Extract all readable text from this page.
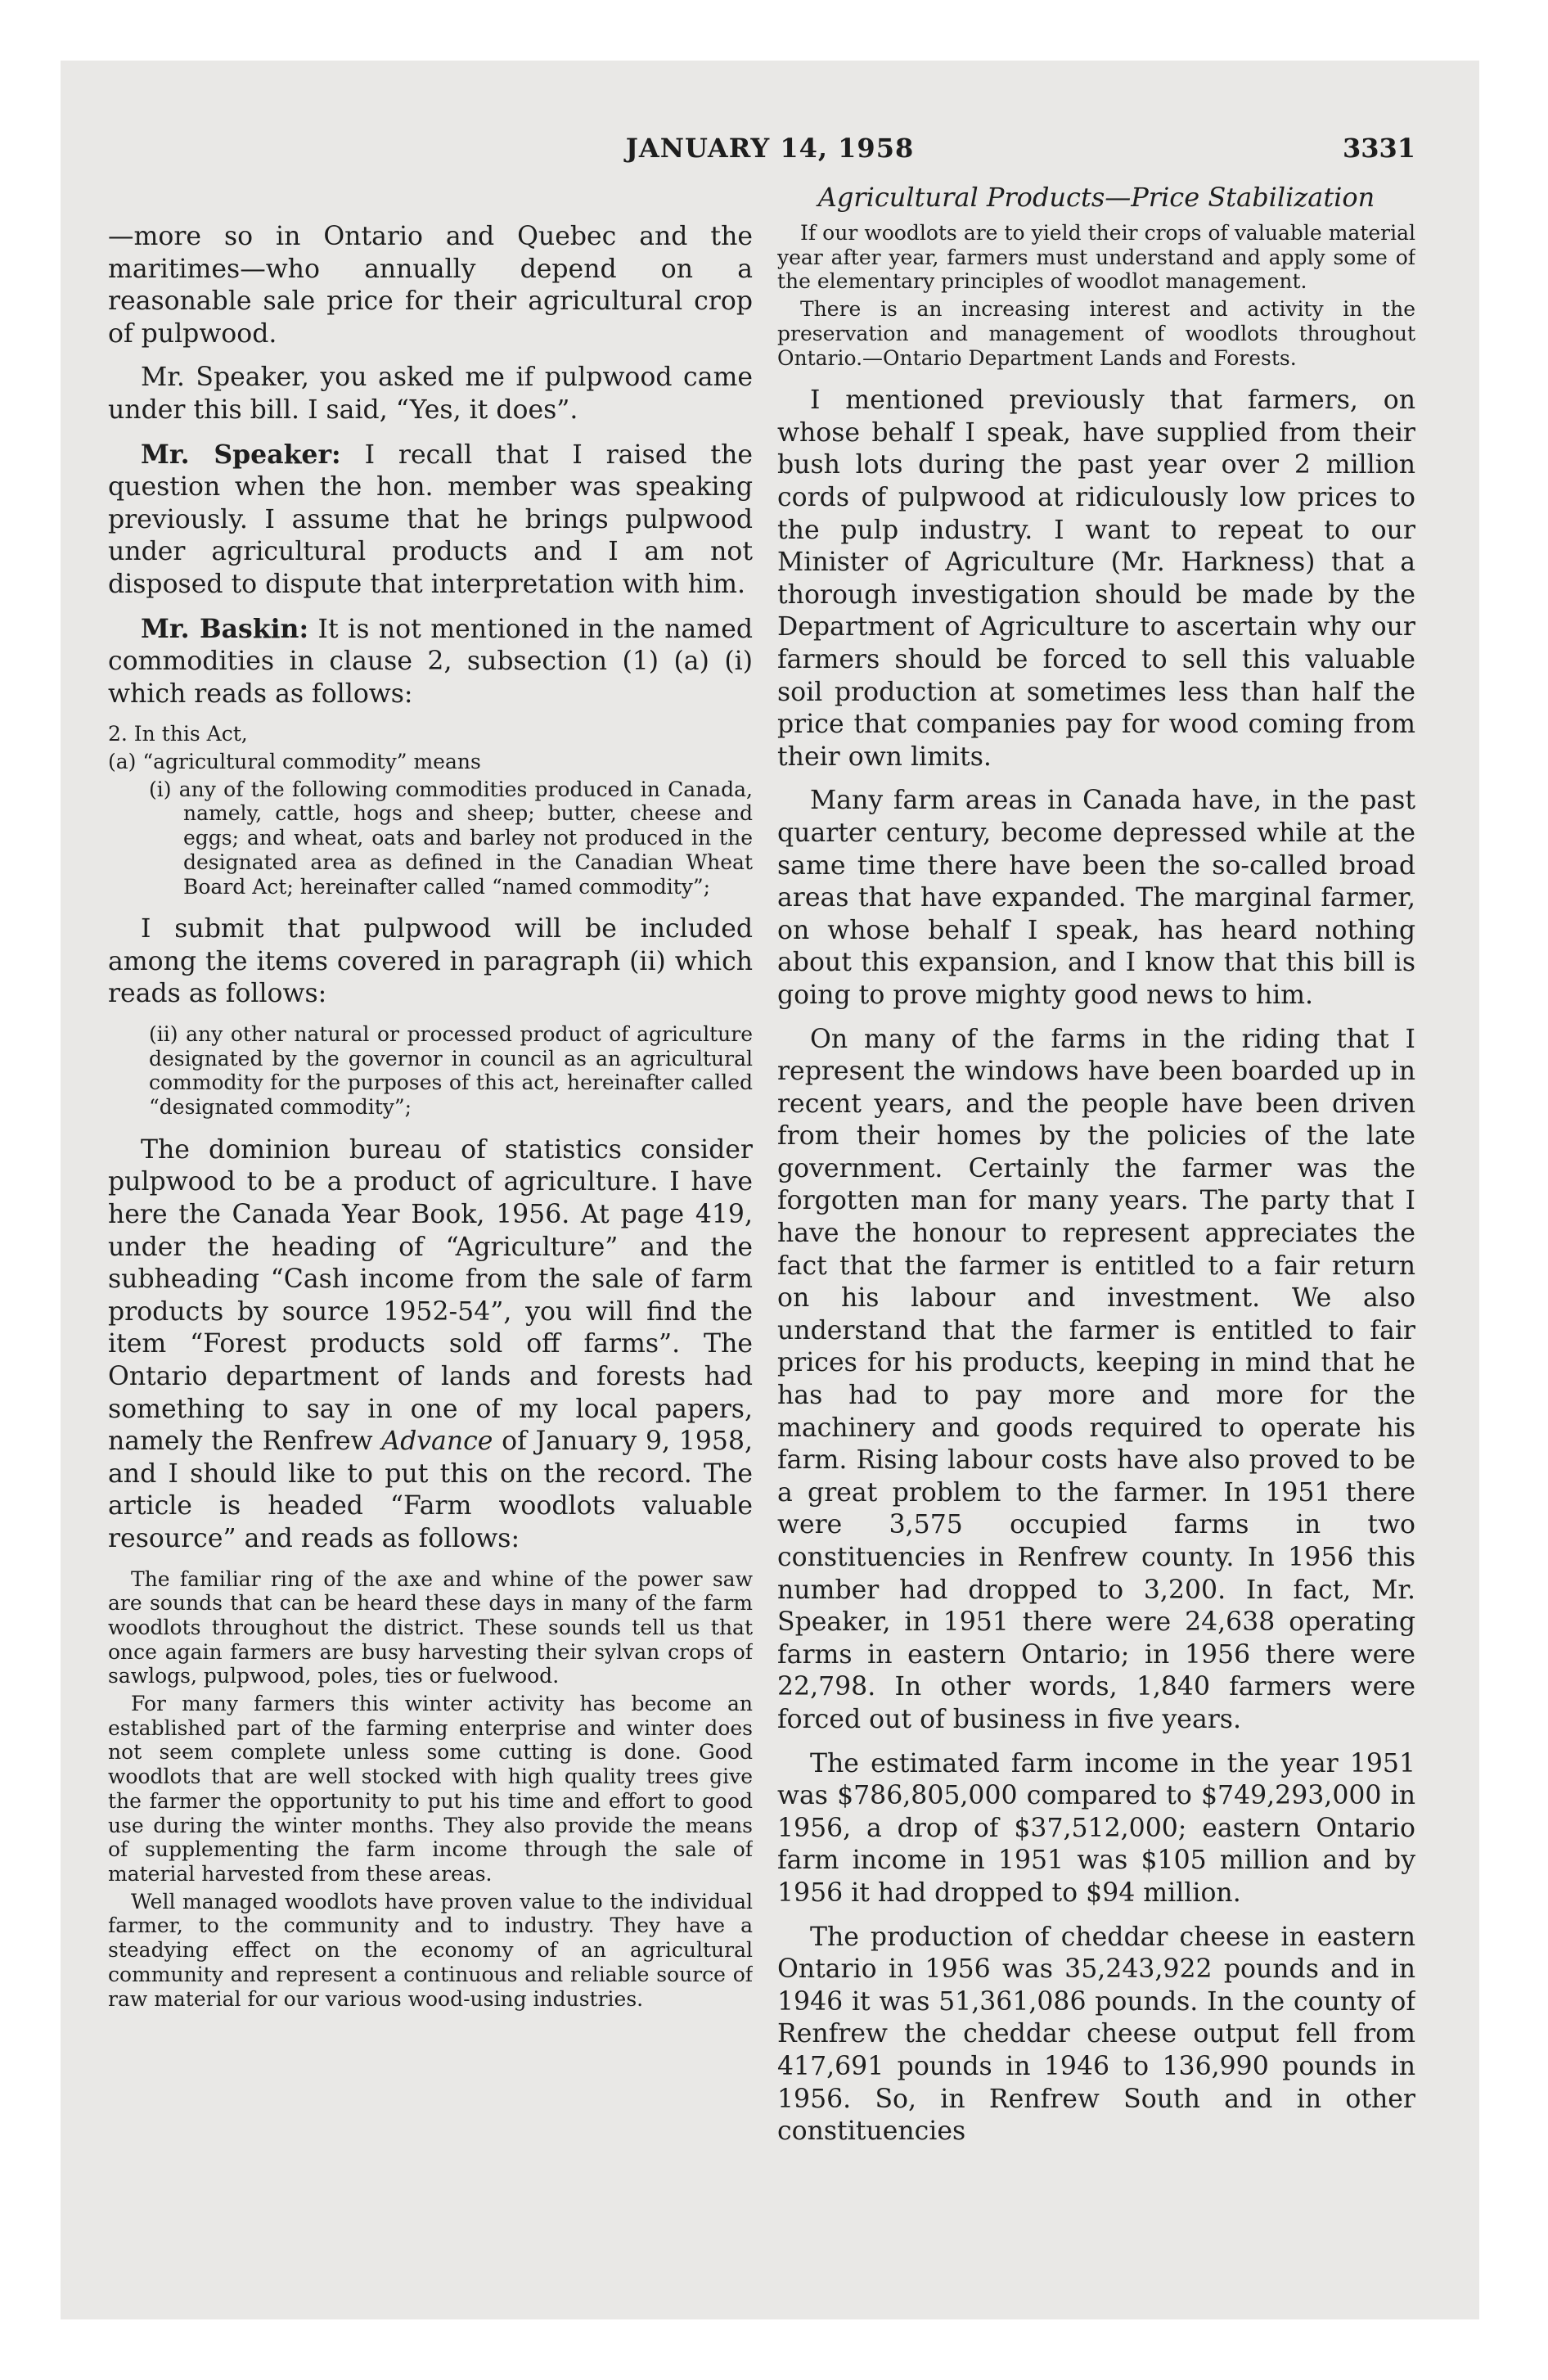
JANUARY 14, 1958	3331
Agricultural Products—Price Stabilization

—more so in Ontario and Quebec and the maritimes—who annually depend on a reasonable sale price for their agricultural crop of pulpwood.

Mr. Speaker, you asked me if pulpwood came under this bill. I said, “Yes, it does”.

Mr. Speaker: I recall that I raised the question when the hon. member was speaking previously. I assume that he brings pulpwood under agricultural products and I am not disposed to dispute that interpretation with him.

Mr. Baskin: It is not mentioned in the named commodities in clause 2, subsection (1) (a) (i) which reads as follows:

2. In this Act,

(a) “agricultural commodity” means

(i) any of the following commodities produced in Canada, namely, cattle, hogs and sheep; butter, cheese and eggs; and wheat, oats and barley not produced in the designated area as defined in the Canadian Wheat Board Act; hereinafter called “named commodity”;

I submit that pulpwood will be included among the items covered in paragraph (ii) which reads as follows:

(ii) any other natural or processed product of agriculture designated by the governor in council as an agricultural commodity for the purposes of this act, hereinafter called “designated commodity”;

The dominion bureau of statistics consider pulpwood to be a product of agriculture. I have here the Canada Year Book, 1956. At page 419, under the heading of “Agriculture” and the subheading “Cash income from the sale of farm products by source 1952-54”, you will find the item “Forest products sold off farms”. The Ontario department of lands and forests had something to say in one of my local papers, namely the Renfrew Advance of January 9, 1958, and I should like to put this on the record. The article is headed “Farm woodlots valuable resource” and reads as follows:

The familiar ring of the axe and whine of the power saw are sounds that can be heard these days in many of the farm woodlots throughout the district. These sounds tell us that once again farmers are busy harvesting their sylvan crops of sawlogs, pulpwood, poles, ties or fuelwood.

For many farmers this winter activity has become an established part of the farming enterprise and winter does not seem complete unless some cutting is done. Good woodlots that are well stocked with high quality trees give the farmer the opportunity to put his time and effort to good use during the winter months. They also provide the means of supplementing the farm income through the sale of material harvested from these areas.

Well managed woodlots have proven value to the individual farmer, to the community and to industry. They have a steadying effect on the economy of an agricultural community and represent a continuous and reliable source of raw material for our various wood-using industries.

If our woodlots are to yield their crops of valuable material year after year, farmers must understand and apply some of the elementary principles of woodlot management.

There is an increasing interest and activity in the preservation and management of woodlots throughout Ontario.—Ontario Department Lands and Forests.

I mentioned previously that farmers, on whose behalf I speak, have supplied from their bush lots during the past year over 2 million cords of pulpwood at ridiculously low prices to the pulp industry. I want to repeat to our Minister of Agriculture (Mr. Harkness) that a thorough investigation should be made by the Department of Agriculture to ascertain why our farmers should be forced to sell this valuable soil production at sometimes less than half the price that companies pay for wood coming from their own limits.

Many farm areas in Canada have, in the past quarter century, become depressed while at the same time there have been the so-called broad areas that have expanded. The marginal farmer, on whose behalf I speak, has heard nothing about this expansion, and I know that this bill is going to prove mighty good news to him.

On many of the farms in the riding that I represent the windows have been boarded up in recent years, and the people have been driven from their homes by the policies of the late government. Certainly the farmer was the forgotten man for many years. The party that I have the honour to represent appreciates the fact that the farmer is entitled to a fair return on his labour and investment. We also understand that the farmer is entitled to fair prices for his products, keeping in mind that he has had to pay more and more for the machinery and goods required to operate his farm. Rising labour costs have also proved to be a great problem to the farmer. In 1951 there were 3,575 occupied farms in two constituencies in Renfrew county. In 1956 this number had dropped to 3,200. In fact, Mr. Speaker, in 1951 there were 24,638 operating farms in eastern Ontario; in 1956 there were 22,798. In other words, 1,840 farmers were forced out of business in five years.

The estimated farm income in the year 1951 was $786,805,000 compared to $749,293,000 in 1956, a drop of $37,512,000; eastern Ontario farm income in 1951 was $105 million and by 1956 it had dropped to $94 million.

The production of cheddar cheese in eastern Ontario in 1956 was 35,243,922 pounds and in 1946 it was 51,361,086 pounds. In the county of Renfrew the cheddar cheese output fell from 417,691 pounds in 1946 to 136,990 pounds in 1956. So, in Renfrew South and in other constituencies
